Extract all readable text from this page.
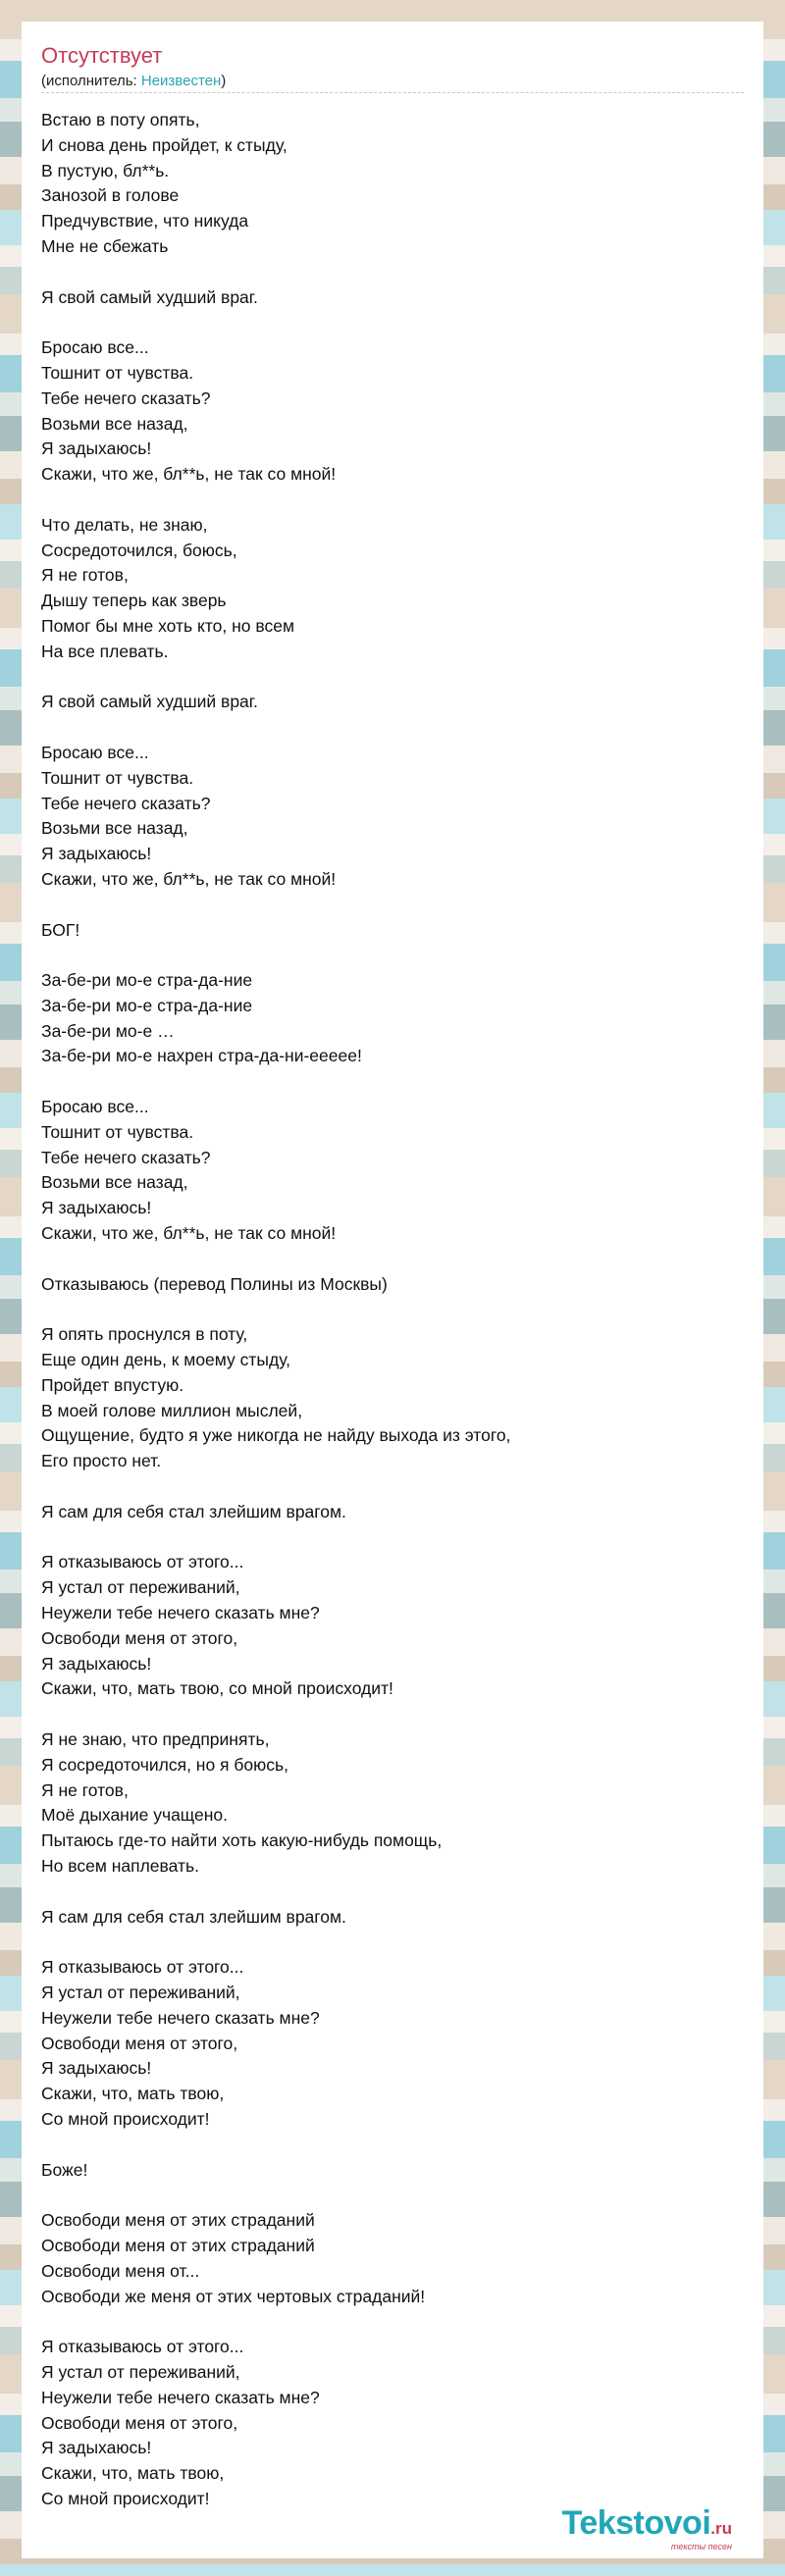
Отсутствует
(исполнитель: Неизвестен)
Встаю в поту опять,
И снова день пройдет, к стыду,
В пустую, бл**ь.
Занозой в голове
Предчувствие, что никуда
Мне не сбежать
Я свой самый худший враг.
Бросаю все...
Тошнит от чувства.
Тебе нечего сказать?
Возьми все назад,
Я задыхаюсь!
Скажи, что же, бл**ь, не так со мной!
Что делать, не знаю,
Сосредоточился, боюсь,
Я не готов,
Дышу теперь как зверь
Помог бы мне хоть кто, но всем
На все плевать.
Я свой самый худший враг.
Бросаю все...
Тошнит от чувства.
Тебе нечего сказать?
Возьми все назад,
Я задыхаюсь!
Скажи, что же, бл**ь, не так со мной!
БОГ!
За-бе-ри мо-е стра-да-ние
За-бе-ри мо-е стра-да-ние
За-бе-ри мо-е …
За-бе-ри мо-е нахрен стра-да-ни-еееее!
Бросаю все...
Тошнит от чувства.
Тебе нечего сказать?
Возьми все назад,
Я задыхаюсь!
Скажи, что же, бл**ь, не так со мной!
Отказываюсь (перевод Полины из Москвы)
Я опять проснулся в поту,
Еще один день, к моему стыду,
Пройдет впустую.
В моей голове миллион мыслей,
Ощущение, будто я уже никогда не найду выхода из этого,
Его просто нет.
Я сам для себя стал злейшим врагом.
Я отказываюсь от этого...
Я устал от переживаний,
Неужели тебе нечего сказать мне?
Освободи меня от этого,
Я задыхаюсь!
Скажи, что, мать твою, со мной происходит!
Я не знаю, что предпринять,
Я сосредоточился, но я боюсь,
Я не готов,
Моё дыхание учащено.
Пытаюсь где-то найти хоть какую-нибудь помощь,
Но всем наплевать.
Я сам для себя стал злейшим врагом.
Я отказываюсь от этого...
Я устал от переживаний,
Неужели тебе нечего сказать мне?
Освободи меня от этого,
Я задыхаюсь!
Скажи, что, мать твою,
Со мной происходит!
Боже!
Освободи меня от этих страданий
Освободи меня от этих страданий
Освободи меня от...
Освободи же меня от этих чертовых страданий!
Я отказываюсь от этого...
Я устал от переживаний,
Неужели тебе нечего сказать мне?
Освободи меня от этого,
Я задыхаюсь!
Скажи, что, мать твою,
Со мной происходит!
Tekstovoi.ru
тексты песен
